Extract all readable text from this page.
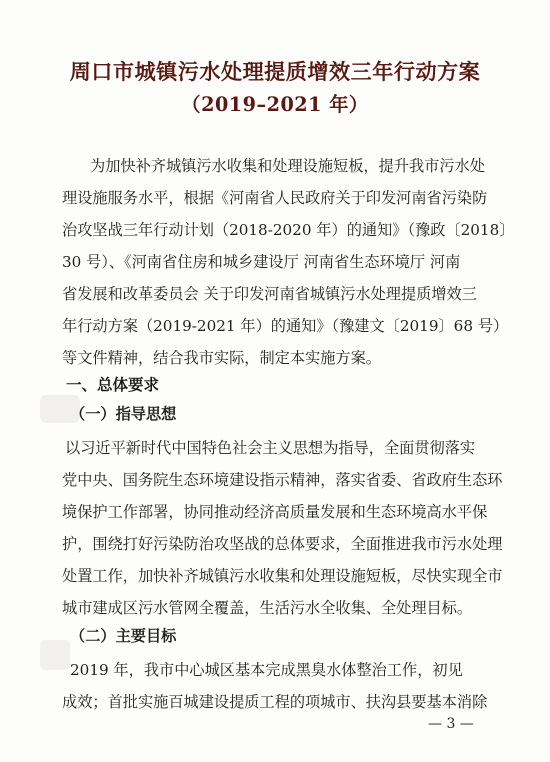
周口市城镇污水处理提质增效三年行动方案
（2019–2021 年）
为加快补齐城镇污水收集和处理设施短板，提升我市污水处
理设施服务水平，根据《河南省人民政府关于印发河南省污染防
治攻坚战三年行动计划（2018-2020 年）的通知》（豫政〔2018〕
30 号）、《河南省住房和城乡建设厅 河南省生态环境厅 河南
省发展和改革委员会 关于印发河南省城镇污水处理提质增效三
年行动方案（2019-2021 年）的通知》（豫建文〔2019〕68 号）
等文件精神，结合我市实际，制定本实施方案。
一、总体要求
（一）指导思想
以习近平新时代中国特色社会主义思想为指导，全面贯彻落实
党中央、国务院生态环境建设指示精神，落实省委、省政府生态环
境保护工作部署，协同推动经济高质量发展和生态环境高水平保
护，围绕打好污染防治攻坚战的总体要求，全面推进我市污水处理
处置工作，加快补齐城镇污水收集和处理设施短板，尽快实现全市
城市建成区污水管网全覆盖，生活污水全收集、全处理目标。
（二）主要目标
2019 年，我市中心城区基本完成黑臭水体整治工作，初见
成效；首批实施百城建设提质工程的项城市、扶沟县要基本消除
— 3 —
